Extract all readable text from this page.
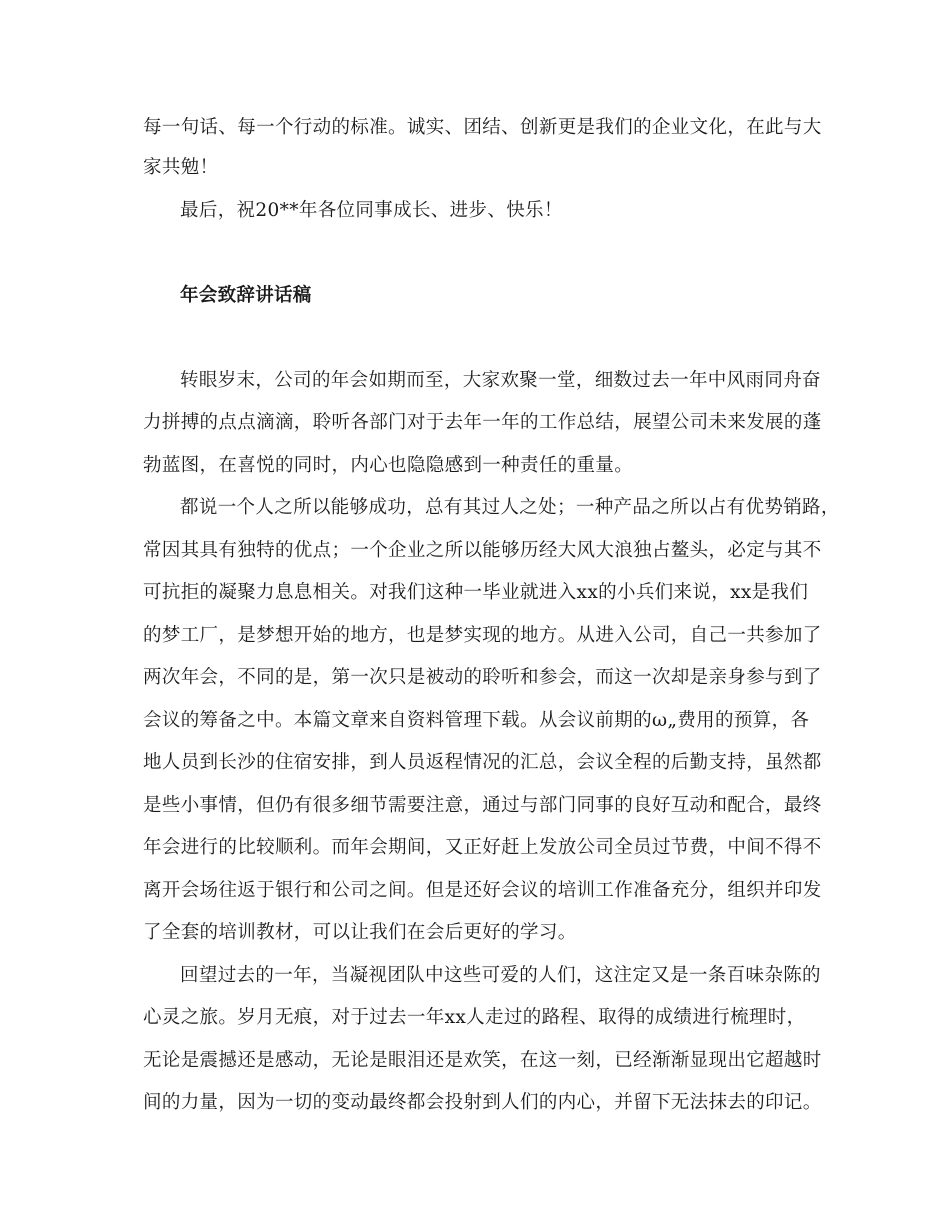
每一句话、每一个行动的标准。诚实、团结、创新更是我们的企业文化，在此与大
家共勉！
最后，祝20**年各位同事成长、进步、快乐！
年会致辞讲话稿
转眼岁末，公司的年会如期而至，大家欢聚一堂，细数过去一年中风雨同舟奋
力拼搏的点点滴滴，聆听各部门对于去年一年的工作总结，展望公司未来发展的蓬
勃蓝图，在喜悦的同时，内心也隐隐感到一种责任的重量。
都说一个人之所以能够成功，总有其过人之处；一种产品之所以占有优势销路，
常因其具有独特的优点；一个企业之所以能够历经大风大浪独占鳌头，必定与其不
可抗拒的凝聚力息息相关。对我们这种一毕业就进入xx的小兵们来说，xx是我们
的梦工厂，是梦想开始的地方，也是梦实现的地方。从进入公司，自己一共参加了
两次年会，不同的是，第一次只是被动的聆听和参会，而这一次却是亲身参与到了
会议的筹备之中。本篇文章来自资料管理下载。从会议前期的ω„费用的预算，各
地人员到长沙的住宿安排，到人员返程情况的汇总，会议全程的后勤支持，虽然都
是些小事情，但仍有很多细节需要注意，通过与部门同事的良好互动和配合，最终
年会进行的比较顺利。而年会期间，又正好赶上发放公司全员过节费，中间不得不
离开会场往返于银行和公司之间。但是还好会议的培训工作准备充分，组织并印发
了全套的培训教材，可以让我们在会后更好的学习。
回望过去的一年，当凝视团队中这些可爱的人们，这注定又是一条百味杂陈的
心灵之旅。岁月无痕，对于过去一年xx人走过的路程、取得的成绩进行梳理时，
无论是震撼还是感动，无论是眼泪还是欢笑，在这一刻，已经渐渐显现出它超越时
间的力量，因为一切的变动最终都会投射到人们的内心，并留下无法抹去的印记。
